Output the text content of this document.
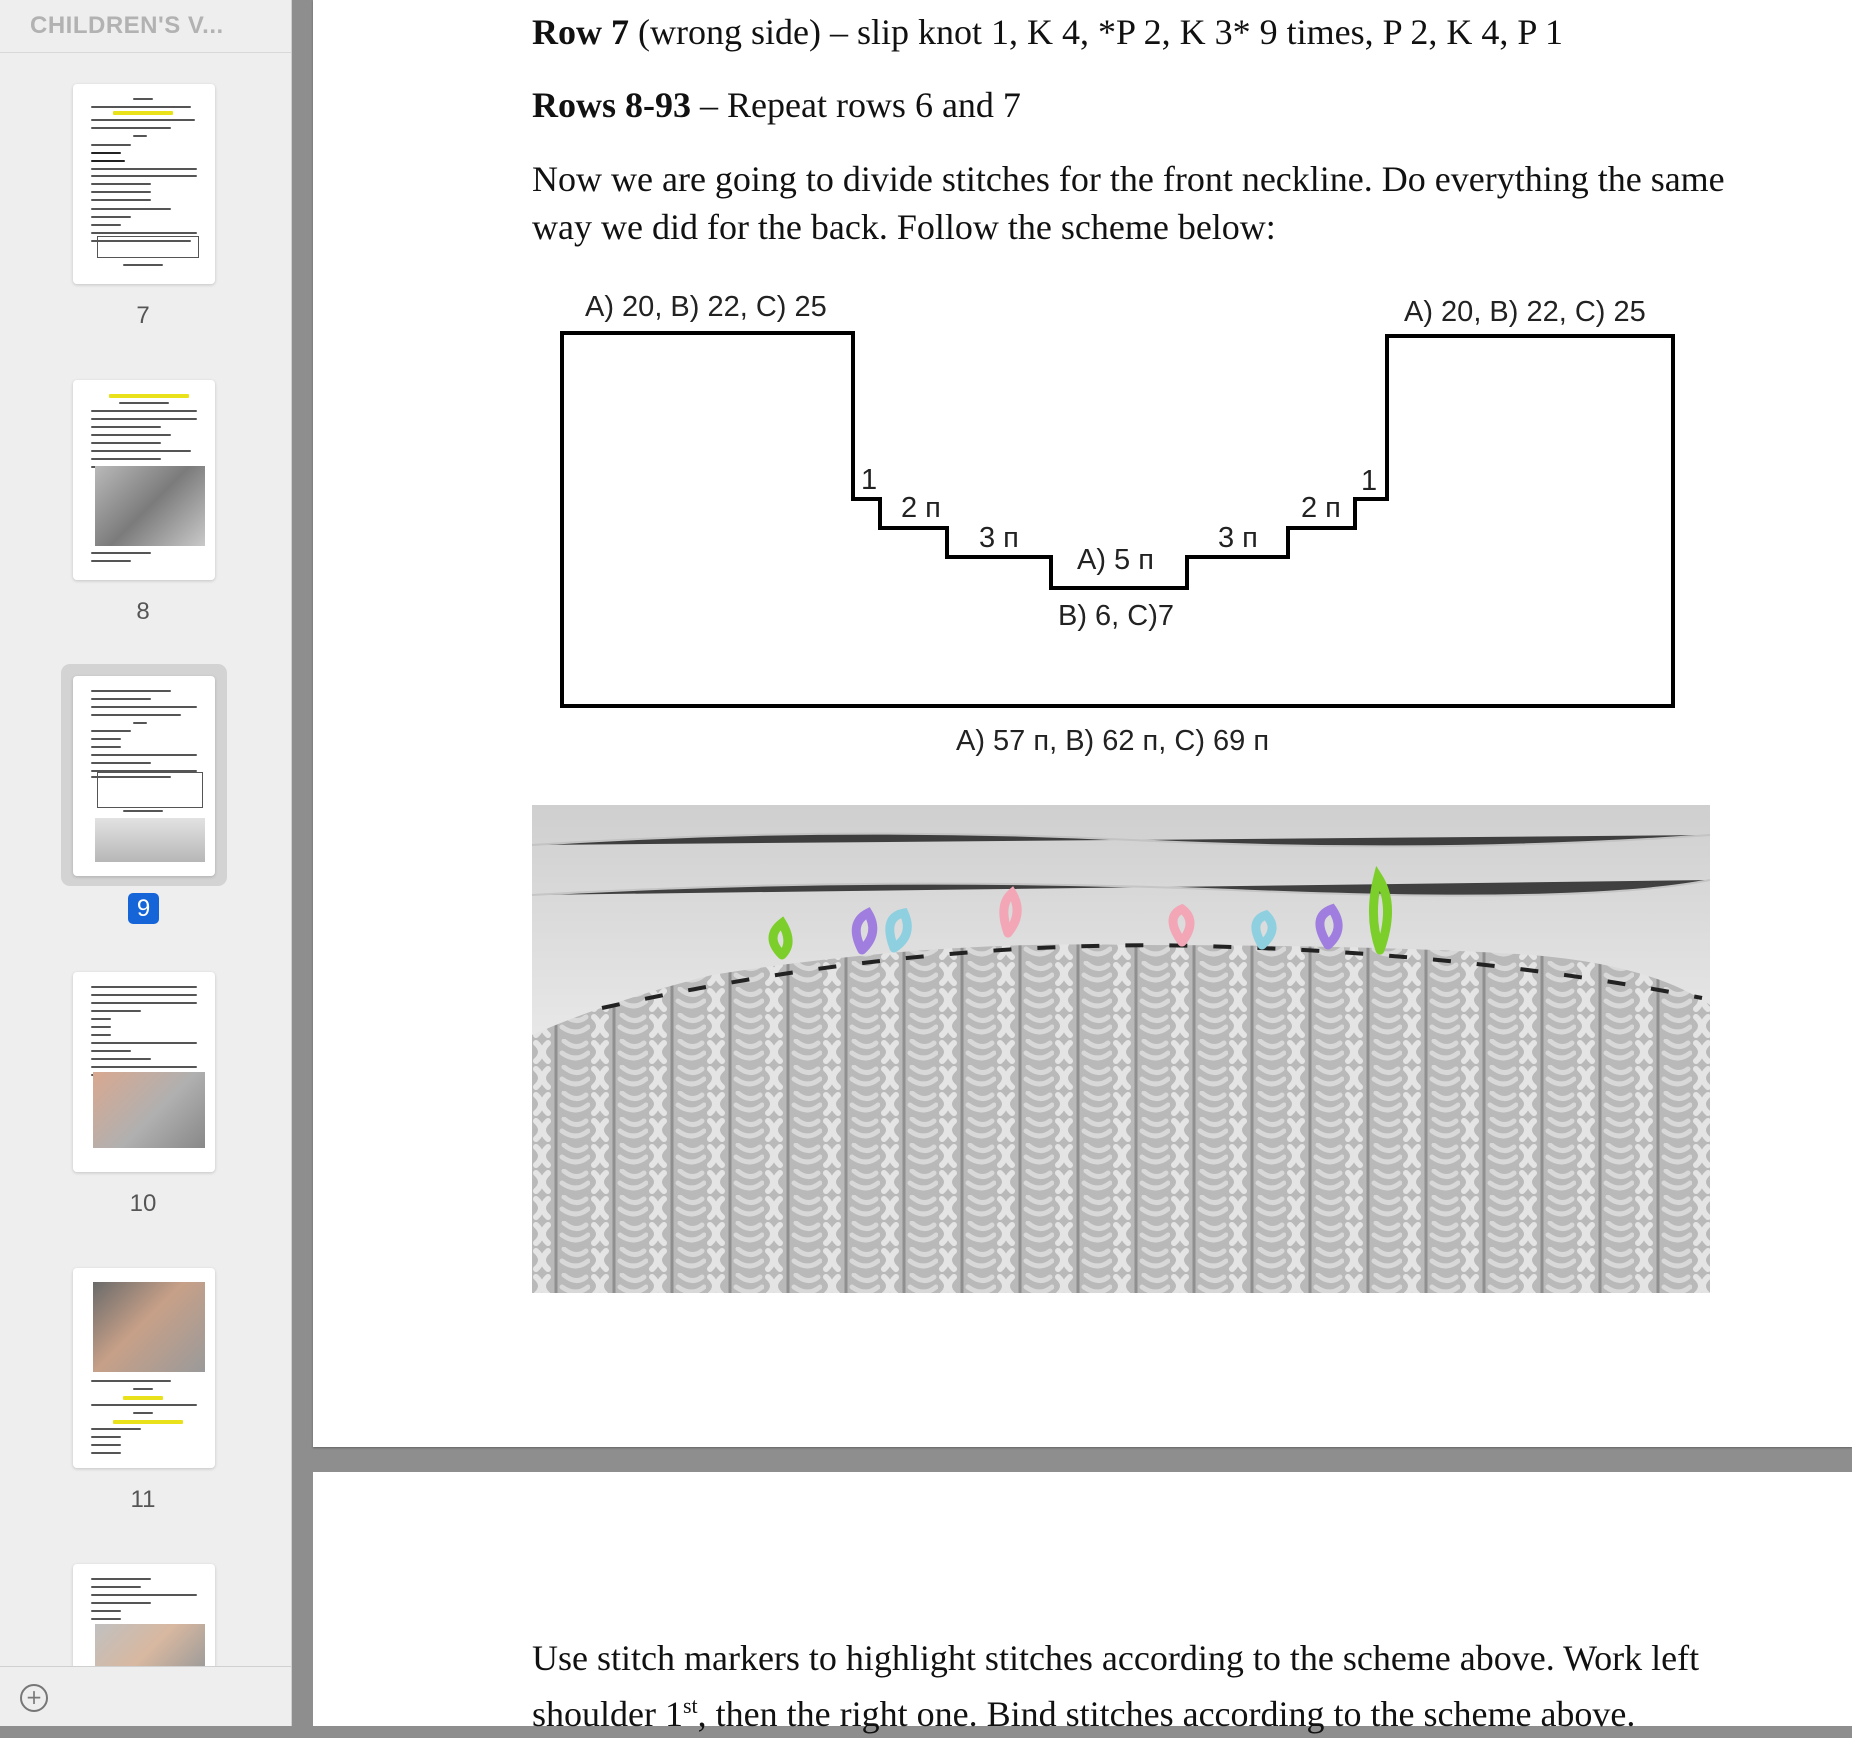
CHILDREN'S V...
7
8
9
10
11
+
Row 7 (wrong side) – slip knot 1, K 4, *P 2, K 3* 9 times, P 2, K 4, P 1
Rows 8-93 – Repeat rows 6 and 7
Now we are going to divide stitches for the front neckline. Do everything the same
way we did for the back. Follow the scheme below:
A) 20, B) 22, C) 25	A) 20, B) 22, C) 25
1
2 п
3 п
A) 5 п
B) 6, C)7
3 п
2 п
1
A) 57 п, B) 62 п, C) 69 п
Use stitch markers to highlight stitches according to the scheme above. Work left
shoulder 1st, then the right one. Bind stitches according to the scheme above.
